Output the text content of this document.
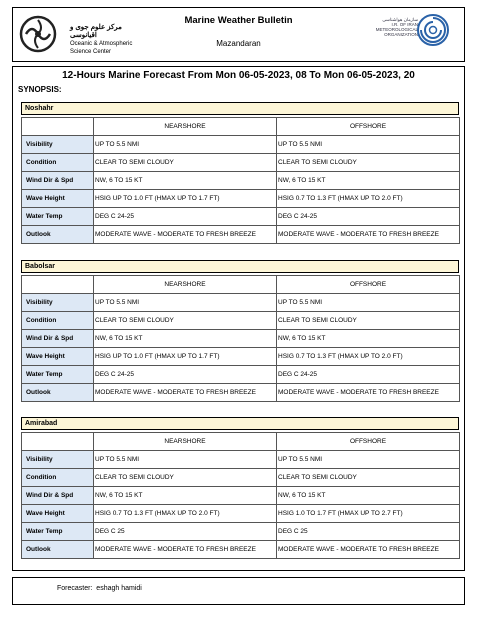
مرکز علوم جوی و اقیانوسی
Oceanic & Atmospheric
Science Center
Marine Weather Bulletin
Mazandaran
سازمان هواشناسی
I.R. OF IRAN
METEOROLOGICAL
ORGANIZATION
12-Hours Marine Forecast From Mon 06-05-2023, 08 To Mon 06-05-2023, 20
SYNOPSIS:
Noshahr
	NEARSHORE	OFFSHORE
Visibility	UP TO 5.5 NMI	UP TO 5.5 NMI
Condition	CLEAR TO SEMI CLOUDY	CLEAR TO SEMI CLOUDY
Wind Dir & Spd	NW, 6 TO 15 KT	NW, 6 TO 15 KT
Wave Height	HSIG UP TO 1.0 FT (HMAX UP TO 1.7 FT)	HSIG 0.7 TO 1.3 FT (HMAX UP TO 2.0 FT)
Water Temp	DEG C 24-25	DEG C 24-25
Outlook	MODERATE WAVE - MODERATE TO FRESH BREEZE	MODERATE WAVE - MODERATE TO FRESH BREEZE
Babolsar
	NEARSHORE	OFFSHORE
Visibility	UP TO 5.5 NMI	UP TO 5.5 NMI
Condition	CLEAR TO SEMI CLOUDY	CLEAR TO SEMI CLOUDY
Wind Dir & Spd	NW, 6 TO 15 KT	NW, 6 TO 15 KT
Wave Height	HSIG UP TO 1.0 FT (HMAX UP TO 1.7 FT)	HSIG 0.7 TO 1.3 FT (HMAX UP TO 2.0 FT)
Water Temp	DEG C 24-25	DEG C 24-25
Outlook	MODERATE WAVE - MODERATE TO FRESH BREEZE	MODERATE WAVE - MODERATE TO FRESH BREEZE
Amirabad
	NEARSHORE	OFFSHORE
Visibility	UP TO 5.5 NMI	UP TO 5.5 NMI
Condition	CLEAR TO SEMI CLOUDY	CLEAR TO SEMI CLOUDY
Wind Dir & Spd	NW, 6 TO 15 KT	NW, 6 TO 15 KT
Wave Height	HSIG 0.7 TO 1.3 FT (HMAX UP TO 2.0 FT)	HSIG 1.0 TO 1.7 FT (HMAX UP TO 2.7 FT)
Water Temp	DEG C 25	DEG C 25
Outlook	MODERATE WAVE - MODERATE TO FRESH BREEZE	MODERATE WAVE - MODERATE TO FRESH BREEZE
Forecaster: eshagh hamidi
